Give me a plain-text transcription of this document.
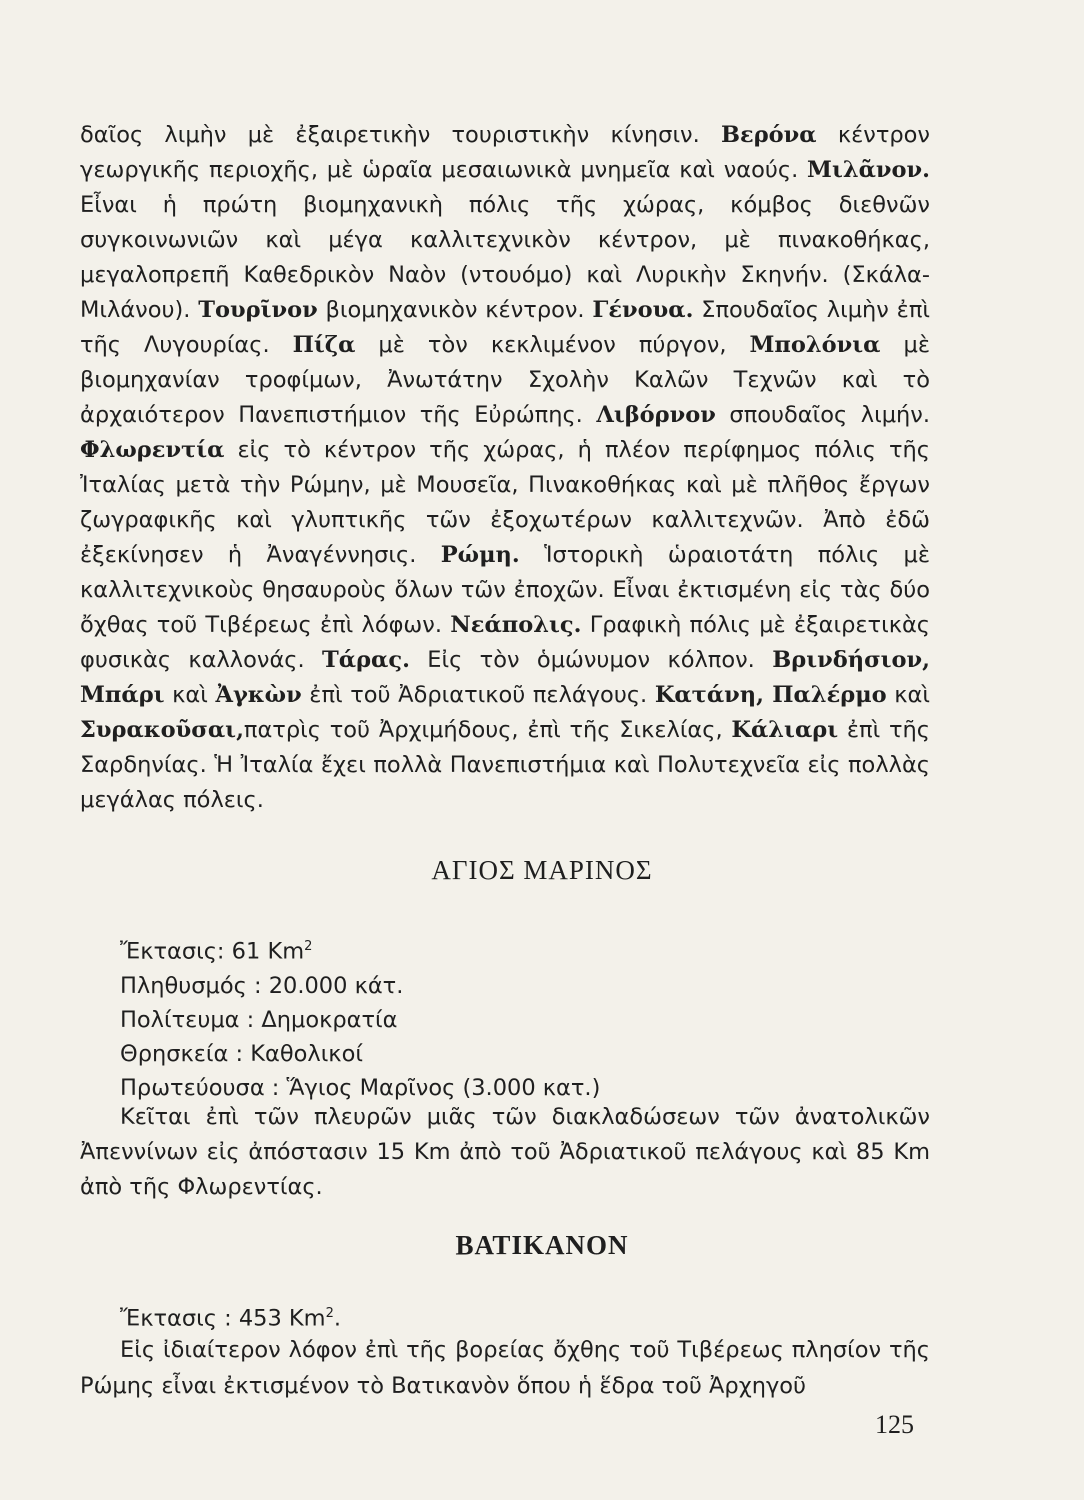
δαῖος λιμὴν μὲ ἐξαιρετικὴν τουριστικὴν κίνησιν. Βερόνα κέντρον γεωργικῆς περιοχῆς, μὲ ὡραῖα μεσαιωνικὰ μνημεῖα καὶ ναούς. Μιλᾶνον. Εἶναι ἡ πρώτη βιομηχανικὴ πόλις τῆς χώρας, κόμβος διεθνῶν συγκοινωνιῶν καὶ μέγα καλλιτεχνικὸν κέντρον, μὲ πινακοθήκας, μεγαλοπρεπῆ Καθεδρικὸν Ναὸν (ντουόμο) καὶ Λυρικὴν Σκηνήν. (Σκάλα-Μιλάνου). Τουρῖνον βιομηχανικὸν κέντρον. Γένουα. Σπουδαῖος λιμὴν ἐπὶ τῆς Λυγουρίας. Πίζα μὲ τὸν κεκλιμένον πύργον, Μπολόνια μὲ βιομηχανίαν τροφίμων, Ἀνωτάτην Σχολὴν Καλῶν Τεχνῶν καὶ τὸ ἀρχαιότερον Πανεπιστήμιον τῆς Εὐρώπης. Λιβόρνον σπουδαῖος λιμήν. Φλωρεντία εἰς τὸ κέντρον τῆς χώρας, ἡ πλέον περίφημος πόλις τῆς Ἰταλίας μετὰ τὴν Ρώμην, μὲ Μουσεῖα, Πινακοθήκας καὶ μὲ πλῆθος ἔργων ζωγραφικῆς καὶ γλυπτικῆς τῶν ἐξοχωτέρων καλλιτεχνῶν. Ἀπὸ ἐδῶ ἐξεκίνησεν ἡ Ἀναγέννησις. Ρώμη. Ἱστορικὴ ὡραιοτάτη πόλις μὲ καλλιτεχνικοὺς θησαυροὺς ὅλων τῶν ἐποχῶν. Εἶναι ἐκτισμένη εἰς τὰς δύο ὄχθας τοῦ Τιβέρεως ἐπὶ λόφων. Νεάπολις. Γραφικὴ πόλις μὲ ἐξαιρετικὰς φυσικὰς καλλονάς. Τάρας. Εἰς τὸν ὁμώνυμον κόλπον. Βρινδήσιον, Μπάρι καὶ Ἀγκὼν ἐπὶ τοῦ Ἀδριατικοῦ πελάγους. Κατάνη, Παλέρμο καὶ Συρακοῦσαι,πατρὶς τοῦ Ἀρχιμήδους, ἐπὶ τῆς Σικελίας, Κάλιαρι ἐπὶ τῆς Σαρδηνίας. Ἡ Ἰταλία ἔχει πολλὰ Πανεπιστήμια καὶ Πολυτεχνεῖα εἰς πολλὰς μεγάλας πόλεις.
ΑΓΙΟΣ ΜΑΡΙΝΟΣ
Ἔκτασις: 61 Km$^2$
Πληθυσμός : 20.000 κάτ.
Πολίτευμα : Δημοκρατία
Θρησκεία : Καθολικοί
Πρωτεύουσα : Ἅγιος Μαρῖνος (3.000 κατ.)
Κεῖται ἐπὶ τῶν πλευρῶν μιᾶς τῶν διακλαδώσεων τῶν ἀνατολικῶν Ἀπεννίνων εἰς ἀπόστασιν 15 Km ἀπὸ τοῦ Ἀδριατικοῦ πελάγους καὶ 85 Km ἀπὸ τῆς Φλωρεντίας.
ΒΑΤΙΚΑΝΟΝ
Ἔκτασις : 453 Km$^2$.
Εἰς ἰδιαίτερον λόφον ἐπὶ τῆς βορείας ὄχθης τοῦ Τιβέρεως πλησίον τῆς Ρώμης εἶναι ἐκτισμένον τὸ Βατικανὸν ὅπου ἡ ἕδρα τοῦ Ἀρχηγοῦ
125
